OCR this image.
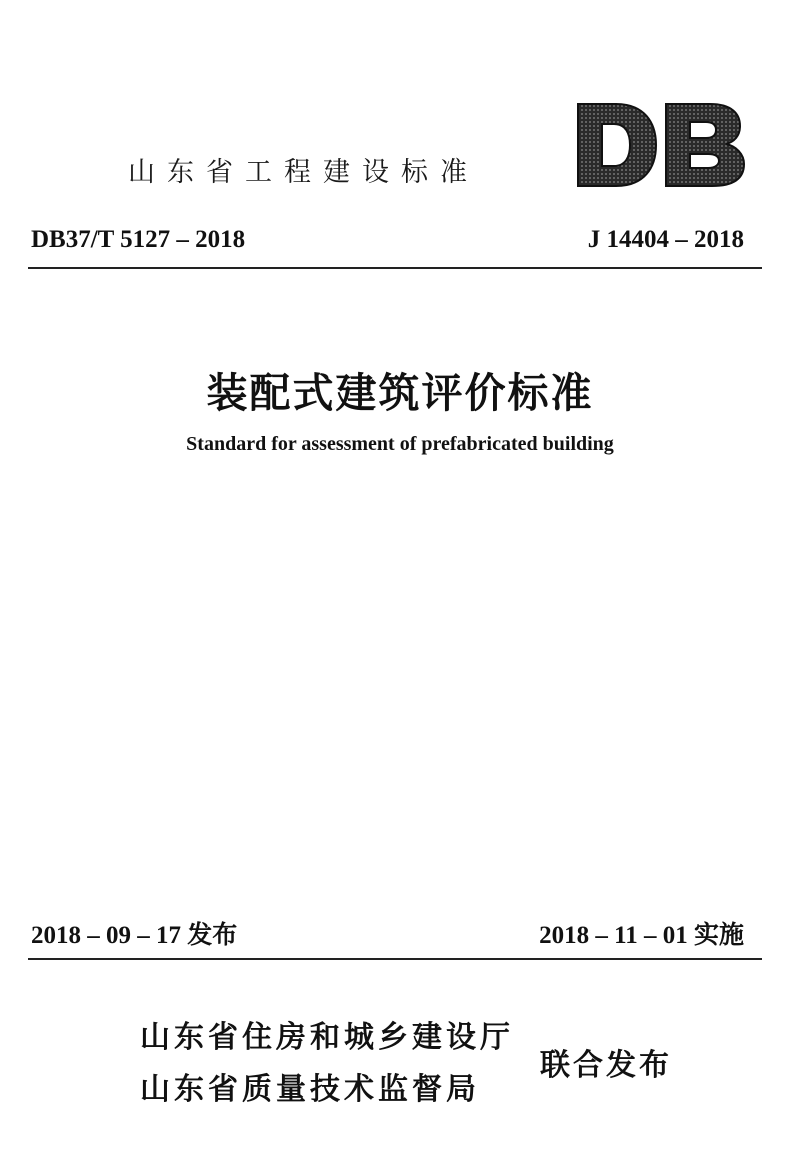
山东省工程建设标准
DB37/T 5127 – 2018	J 14404 – 2018
装配式建筑评价标准
Standard for assessment of prefabricated building
2018 – 09 – 17 发布	2018 – 11 – 01 实施
山东省住房和城乡建设厅
山东省质量技术监督局
联合发布
